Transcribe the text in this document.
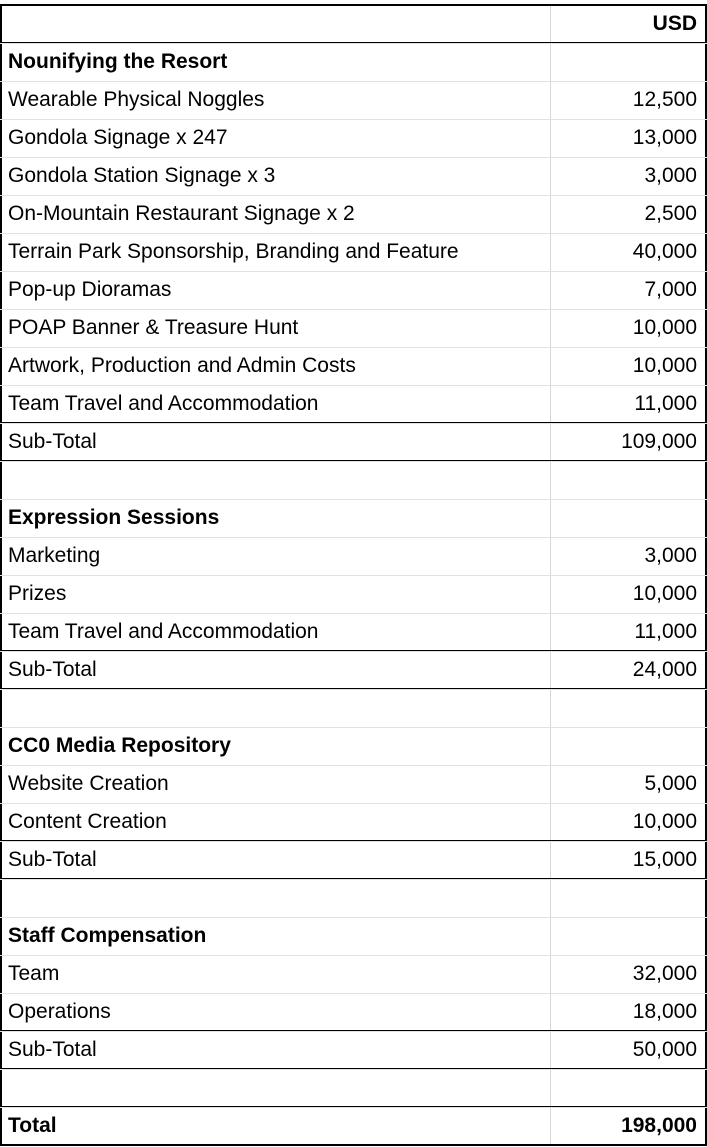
USD
Nounifying the Resort
Wearable Physical Noggles	12,500
Gondola Signage x 247	13,000
Gondola Station Signage x 3	3,000
On-Mountain Restaurant Signage x 2	2,500
Terrain Park Sponsorship, Branding and Feature	40,000
Pop-up Dioramas	7,000
POAP Banner & Treasure Hunt	10,000
Artwork, Production and Admin Costs	10,000
Team Travel and Accommodation	11,000
Sub-Total	109,000
Expression Sessions
Marketing	3,000
Prizes	10,000
Team Travel and Accommodation	11,000
Sub-Total	24,000
CC0 Media Repository
Website Creation	5,000
Content Creation	10,000
Sub-Total	15,000
Staff Compensation
Team	32,000
Operations	18,000
Sub-Total	50,000
Total	198,000
